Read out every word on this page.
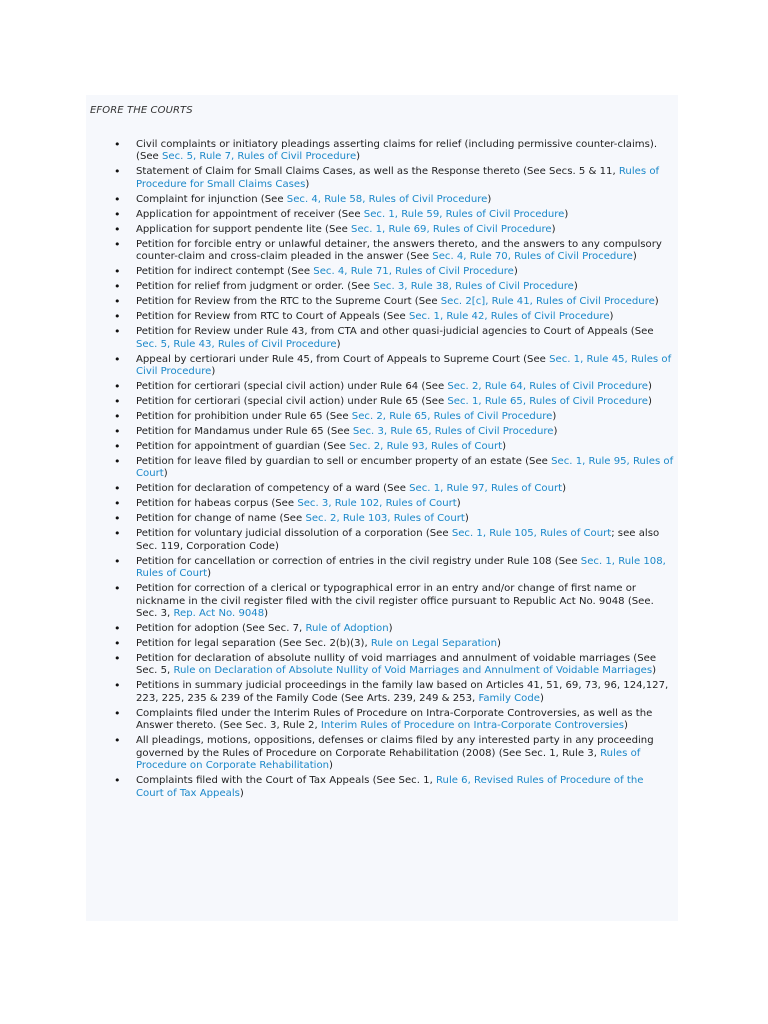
EFORE THE COURTS
• Civil complaints or initiatory pleadings asserting claims for relief (including permissive counter-claims). (See Sec. 5, Rule 7, Rules of Civil Procedure)
• Statement of Claim for Small Claims Cases, as well as the Response thereto (See Secs. 5 & 11, Rules of Procedure for Small Claims Cases)
• Complaint for injunction (See Sec. 4, Rule 58, Rules of Civil Procedure)
• Application for appointment of receiver (See Sec. 1, Rule 59, Rules of Civil Procedure)
• Application for support pendente lite (See Sec. 1, Rule 69, Rules of Civil Procedure)
• Petition for forcible entry or unlawful detainer, the answers thereto, and the answers to any compulsory counter-claim and cross-claim pleaded in the answer (See Sec. 4, Rule 70, Rules of Civil Procedure)
• Petition for indirect contempt (See Sec. 4, Rule 71, Rules of Civil Procedure)
• Petition for relief from judgment or order. (See Sec. 3, Rule 38, Rules of Civil Procedure)
• Petition for Review from the RTC to the Supreme Court (See Sec. 2[c], Rule 41, Rules of Civil Procedure)
• Petition for Review from RTC to Court of Appeals (See Sec. 1, Rule 42, Rules of Civil Procedure)
• Petition for Review under Rule 43, from CTA and other quasi-judicial agencies to Court of Appeals (See Sec. 5, Rule 43, Rules of Civil Procedure)
• Appeal by certiorari under Rule 45, from Court of Appeals to Supreme Court (See Sec. 1, Rule 45, Rules of Civil Procedure)
• Petition for certiorari (special civil action) under Rule 64 (See Sec. 2, Rule 64, Rules of Civil Procedure)
• Petition for certiorari (special civil action) under Rule 65 (See Sec. 1, Rule 65, Rules of Civil Procedure)
• Petition for prohibition under Rule 65 (See Sec. 2, Rule 65, Rules of Civil Procedure)
• Petition for Mandamus under Rule 65 (See Sec. 3, Rule 65, Rules of Civil Procedure)
• Petition for appointment of guardian (See Sec. 2, Rule 93, Rules of Court)
• Petition for leave filed by guardian to sell or encumber property of an estate (See Sec. 1, Rule 95, Rules of Court)
• Petition for declaration of competency of a ward (See Sec. 1, Rule 97, Rules of Court)
• Petition for habeas corpus (See Sec. 3, Rule 102, Rules of Court)
• Petition for change of name (See Sec. 2, Rule 103, Rules of Court)
• Petition for voluntary judicial dissolution of a corporation (See Sec. 1, Rule 105, Rules of Court; see also Sec. 119, Corporation Code)
• Petition for cancellation or correction of entries in the civil registry under Rule 108 (See Sec. 1, Rule 108, Rules of Court)
• Petition for correction of a clerical or typographical error in an entry and/or change of first name or nickname in the civil register filed with the civil register office pursuant to Republic Act No. 9048 (See. Sec. 3, Rep. Act No. 9048)
• Petition for adoption (See Sec. 7, Rule of Adoption)
• Petition for legal separation (See Sec. 2(b)(3), Rule on Legal Separation)
• Petition for declaration of absolute nullity of void marriages and annulment of voidable marriages (See Sec. 5, Rule on Declaration of Absolute Nullity of Void Marriages and Annulment of Voidable Marriages)
• Petitions in summary judicial proceedings in the family law based on Articles 41, 51, 69, 73, 96, 124,127, 223, 225, 235 & 239 of the Family Code (See Arts. 239, 249 & 253, Family Code)
• Complaints filed under the Interim Rules of Procedure on Intra-Corporate Controversies, as well as the Answer thereto. (See Sec. 3, Rule 2, Interim Rules of Procedure on Intra-Corporate Controversies)
• All pleadings, motions, oppositions, defenses or claims filed by any interested party in any proceeding governed by the Rules of Procedure on Corporate Rehabilitation (2008) (See Sec. 1, Rule 3, Rules of Procedure on Corporate Rehabilitation)
• Complaints filed with the Court of Tax Appeals (See Sec. 1, Rule 6, Revised Rules of Procedure of the Court of Tax Appeals)
